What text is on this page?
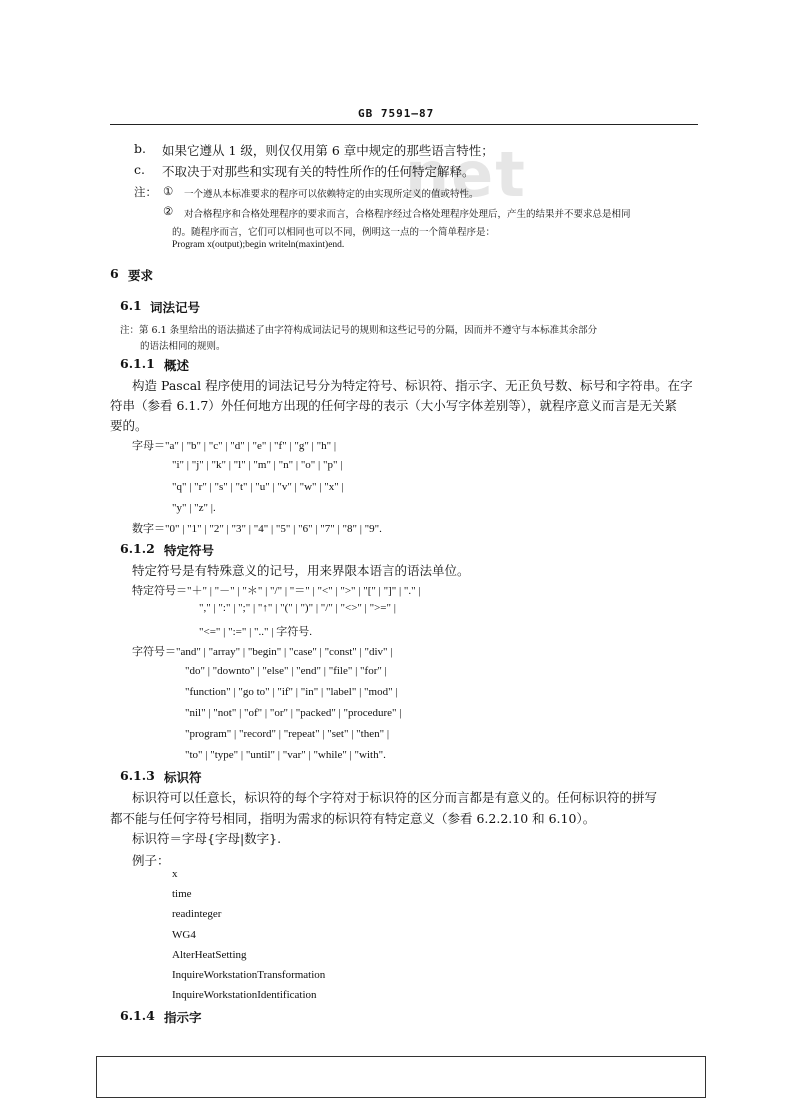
GB 7591—87
net
b. 如果它遵从 1 级，则仅仅用第 6 章中规定的那些语言特性；
c. 不取决于对那些和实现有关的特性所作的任何特定解释。
注： ① 一个遵从本标准要求的程序可以依赖特定的由实现所定义的值或特性。
② 对合格程序和合格处理程序的要求而言，合格程序经过合格处理程序处理后，产生的结果并不要求总是相同
的。随程序而言，它们可以相同也可以不同，例明这一点的一个简单程序是：
Program x(output);begin writeln(maxint)end.
6 要求
6.1 词法记号
注：第 6.1 条里给出的语法描述了由字符构成词法记号的规则和这些记号的分隔，因而并不遵守与本标准其余部分
的语法相同的规则。
6.1.1 概述
构造 Pascal 程序使用的词法记号分为特定符号、标识符、指示字、无正负号数、标号和字符串。在字
符串（参看 6.1.7）外任何地方出现的任何字母的表示（大小写字体差别等），就程序意义而言是无关紧
要的。
字母＝"a" | "b" | "c" | "d" | "e" | "f" | "g" | "h" |
"i" | "j" | "k" | "l" | "m" | "n" | "o" | "p" |
"q" | "r" | "s" | "t" | "u" | "v" | "w" | "x" |
"y" | "z" |.
数字＝"0" | "1" | "2" | "3" | "4" | "5" | "6" | "7" | "8" | "9".
6.1.2 特定符号
特定符号是有特殊意义的记号，用来界限本语言的语法单位。
特定符号＝"＋" | "－" | "＊" | "/" | "＝" | "<" | ">" | "[" | "]" | "." |
"," | ":" | ";" | "↑" | "(" | ")" | "/" | "<>" | ">=" |
"<=" | ":=" | ".." | 字符号.
字符号＝"and" | "array" | "begin" | "case" | "const" | "div" |
"do" | "downto" | "else" | "end" | "file" | "for" |
"function" | "go to" | "if" | "in" | "label" | "mod" |
"nil" | "not" | "of" | "or" | "packed" | "procedure" |
"program" | "record" | "repeat" | "set" | "then" |
"to" | "type" | "until" | "var" | "while" | "with".
6.1.3 标识符
标识符可以任意长，标识符的每个字符对于标识符的区分而言都是有意义的。任何标识符的拼写
都不能与任何字符号相同，指明为需求的标识符有特定意义（参看 6.2.2.10 和 6.10）。
标识符＝字母{字母|数字}.
例子：
x
time
readinteger
WG4
AlterHeatSetting
InquireWorkstationTransformation
InquireWorkstationIdentification
6.1.4 指示字
